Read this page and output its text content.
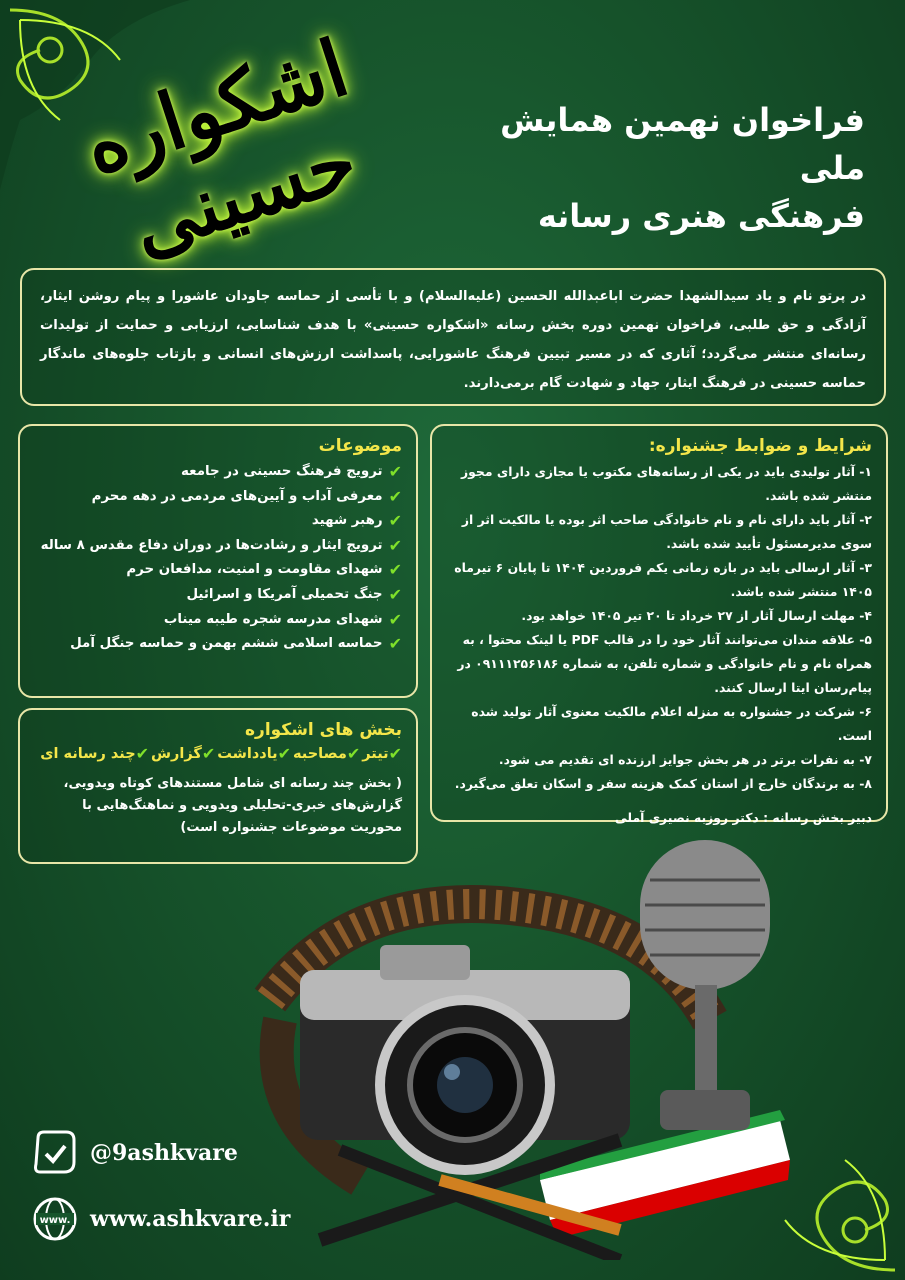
اشکواره حسینی	فراخوان نهمین همایش ملی
فرهنگی هنری رسانه
در پرتو نام و یاد سیدالشهدا حضرت اباعبدالله الحسین (علیه‌السلام) و با تأسی از حماسه جاودان عاشورا و پیام روشن ایثار، آزادگی و حق طلبی، فراخوان نهمین دوره بخش رسانه «اشکواره حسینی» با هدف شناسایی، ارزیابی و حمایت از تولیدات رسانه‌ای منتشر می‌گردد؛ آثاری که در مسیر تبیین فرهنگ عاشورایی، پاسداشت ارزش‌های انسانی و بازتاب جلوه‌های ماندگار حماسه حسینی در فرهنگ ایثار، جهاد و شهادت گام برمی‌دارند.
شرایط و ضوابط جشنواره:
۱- آثار تولیدی باید در یکی از رسانه‌های مکتوب یا مجازی دارای مجوز منتشر شده باشد.
۲- آثار باید دارای نام و نام خانوادگی صاحب اثر بوده یا مالکیت اثر از سوی مدیرمسئول تأیید شده باشد.
۳- آثار ارسالی باید در بازه زمانی یکم فروردین ۱۴۰۴ تا پایان ۶ تیرماه ۱۴۰۵ منتشر شده باشد.
۴- مهلت ارسال آثار از ۲۷ خرداد تا ۲۰ تیر ۱۴۰۵ خواهد بود.
۵- علاقه مندان می‌توانند آثار خود را در قالب PDF یا لینک محتوا ، به همراه نام و نام خانوادگی و شماره تلفن، به شماره ۰۹۱۱۱۲۵۶۱۸۶ در پیام‌رسان ایتا ارسال کنند.
۶- شرکت در جشنواره به منزله اعلام مالکیت معنوی آثار تولید شده است.
۷- به نفرات برتر در هر بخش جوایز ارزنده ای تقدیم می شود.
۸- به برندگان خارج از استان کمک هزینه سفر و اسکان تعلق می‌گیرد.
دبیر بخش رسانه : دکتر روزبه نصیری آملی
موضوعات
✔
ترویج فرهنگ حسینی در جامعه
✔
معرفی آداب و آیین‌های مردمی در دهه محرم
✔
رهبر شهید
✔
ترویج ایثار و رشادت‌ها در دوران دفاع مقدس ۸ ساله
✔
شهدای مقاومت و امنیت، مدافعان حرم
✔
جنگ تحمیلی آمریکا و اسرائیل
✔
شهدای مدرسه شجره طیبه میناب
✔
حماسه اسلامی ششم بهمن و حماسه جنگل آمل
بخش های اشکواره
✔
تیتر
✔
مصاحبه
✔
یادداشت
✔
گزارش
✔
چند رسانه ای
( بخش چند رسانه ای شامل مستندهای کوتاه ویدویی، گزارش‌های خبری-تحلیلی ویدویی و نماهنگ‌هایی با محوریت موضوعات جشنواره است)
@9ashkvare
www. www.ashkvare.ir
